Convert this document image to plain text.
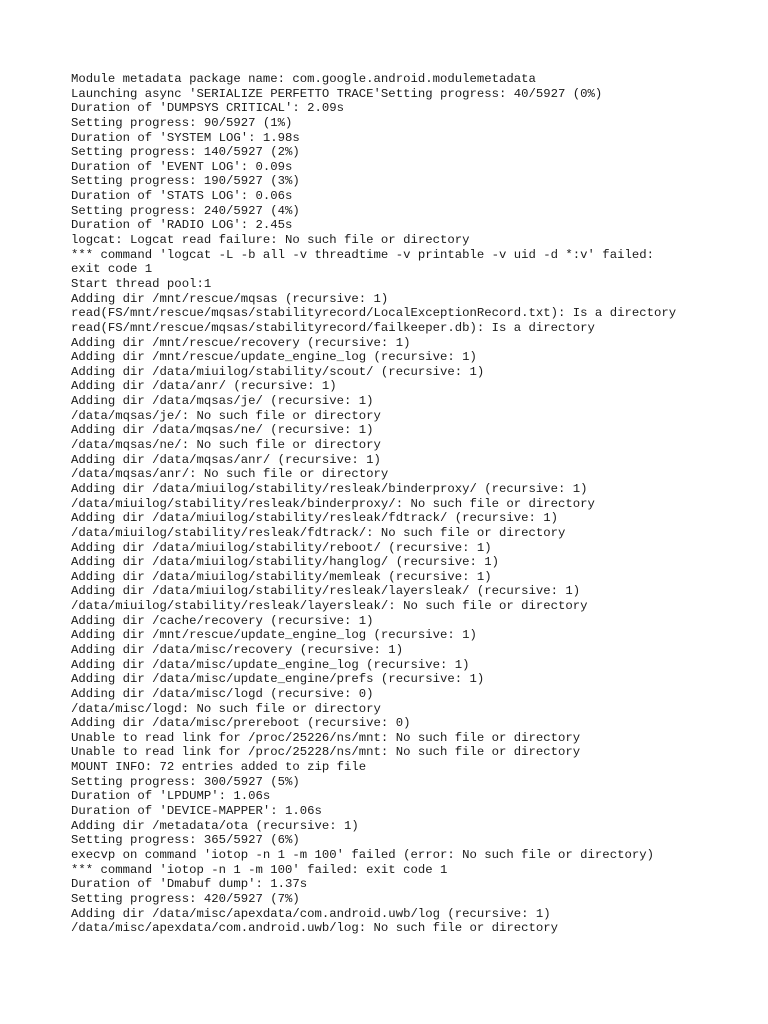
Module metadata package name: com.google.android.modulemetadata
Launching async 'SERIALIZE PERFETTO TRACE'Setting progress: 40/5927 (0%)
Duration of 'DUMPSYS CRITICAL': 2.09s
Setting progress: 90/5927 (1%)
Duration of 'SYSTEM LOG': 1.98s
Setting progress: 140/5927 (2%)
Duration of 'EVENT LOG': 0.09s
Setting progress: 190/5927 (3%)
Duration of 'STATS LOG': 0.06s
Setting progress: 240/5927 (4%)
Duration of 'RADIO LOG': 2.45s
logcat: Logcat read failure: No such file or directory
*** command 'logcat -L -b all -v threadtime -v printable -v uid -d *:v' failed:
exit code 1
Start thread pool:1
Adding dir /mnt/rescue/mqsas (recursive: 1)
read(FS/mnt/rescue/mqsas/stabilityrecord/LocalExceptionRecord.txt): Is a directory
read(FS/mnt/rescue/mqsas/stabilityrecord/failkeeper.db): Is a directory
Adding dir /mnt/rescue/recovery (recursive: 1)
Adding dir /mnt/rescue/update_engine_log (recursive: 1)
Adding dir /data/miuilog/stability/scout/ (recursive: 1)
Adding dir /data/anr/ (recursive: 1)
Adding dir /data/mqsas/je/ (recursive: 1)
/data/mqsas/je/: No such file or directory
Adding dir /data/mqsas/ne/ (recursive: 1)
/data/mqsas/ne/: No such file or directory
Adding dir /data/mqsas/anr/ (recursive: 1)
/data/mqsas/anr/: No such file or directory
Adding dir /data/miuilog/stability/resleak/binderproxy/ (recursive: 1)
/data/miuilog/stability/resleak/binderproxy/: No such file or directory
Adding dir /data/miuilog/stability/resleak/fdtrack/ (recursive: 1)
/data/miuilog/stability/resleak/fdtrack/: No such file or directory
Adding dir /data/miuilog/stability/reboot/ (recursive: 1)
Adding dir /data/miuilog/stability/hanglog/ (recursive: 1)
Adding dir /data/miuilog/stability/memleak (recursive: 1)
Adding dir /data/miuilog/stability/resleak/layersleak/ (recursive: 1)
/data/miuilog/stability/resleak/layersleak/: No such file or directory
Adding dir /cache/recovery (recursive: 1)
Adding dir /mnt/rescue/update_engine_log (recursive: 1)
Adding dir /data/misc/recovery (recursive: 1)
Adding dir /data/misc/update_engine_log (recursive: 1)
Adding dir /data/misc/update_engine/prefs (recursive: 1)
Adding dir /data/misc/logd (recursive: 0)
/data/misc/logd: No such file or directory
Adding dir /data/misc/prereboot (recursive: 0)
Unable to read link for /proc/25226/ns/mnt: No such file or directory
Unable to read link for /proc/25228/ns/mnt: No such file or directory
MOUNT INFO: 72 entries added to zip file
Setting progress: 300/5927 (5%)
Duration of 'LPDUMP': 1.06s
Duration of 'DEVICE-MAPPER': 1.06s
Adding dir /metadata/ota (recursive: 1)
Setting progress: 365/5927 (6%)
execvp on command 'iotop -n 1 -m 100' failed (error: No such file or directory)
*** command 'iotop -n 1 -m 100' failed: exit code 1
Duration of 'Dmabuf dump': 1.37s
Setting progress: 420/5927 (7%)
Adding dir /data/misc/apexdata/com.android.uwb/log (recursive: 1)
/data/misc/apexdata/com.android.uwb/log: No such file or directory
